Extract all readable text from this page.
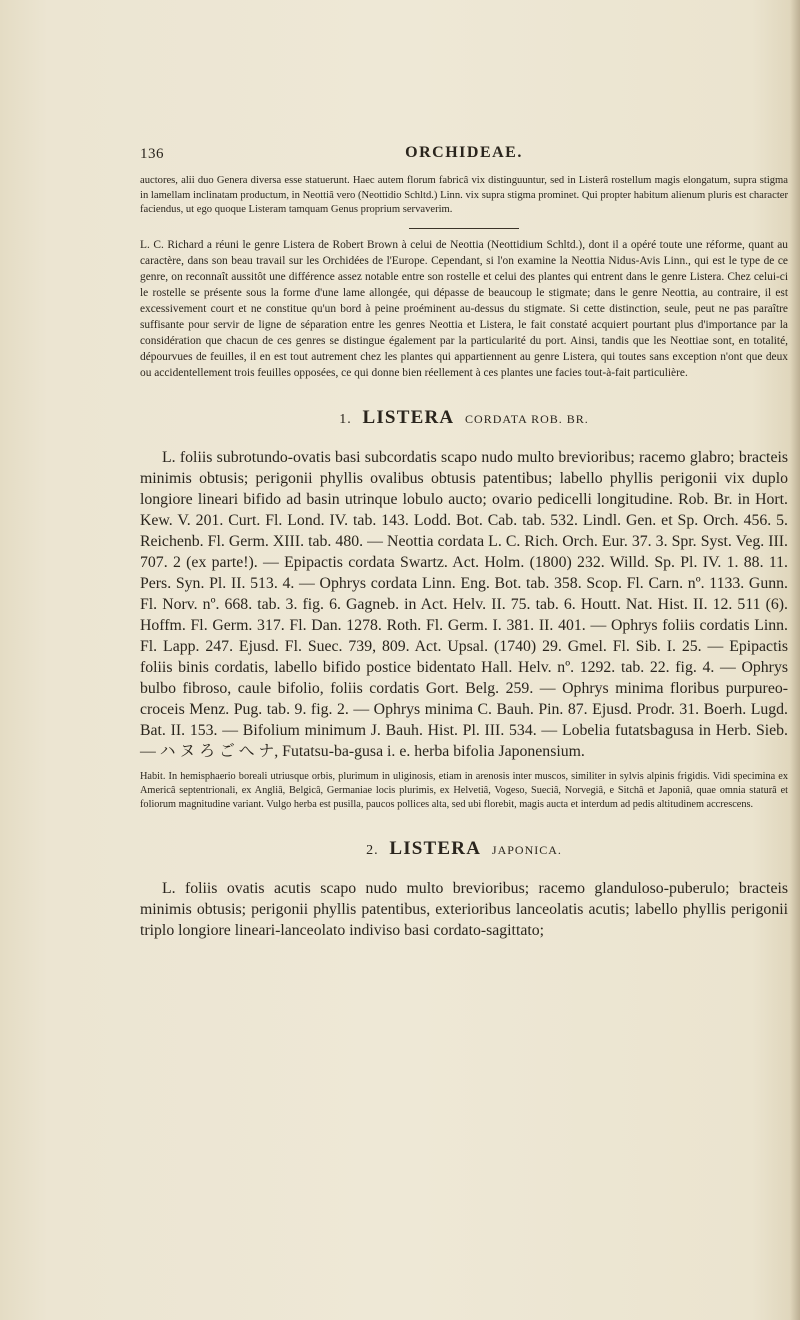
136	ORCHIDEAE.

auctores, alii duo Genera diversa esse statuerunt. Haec autem florum fabricâ vix distinguuntur, sed in Listerâ rostellum magis elongatum, supra stigma in lamellam inclinatam productum, in Neottiâ vero (Neottidio Schltd.) Linn. vix supra stigma prominet. Qui propter habitum alienum pluris est character faciendus, ut ego quoque Listeram tamquam Genus proprium servaverim.

L. C. Richard a réuni le genre Listera de Robert Brown à celui de Neottia (Neottidium Schltd.), dont il a opéré toute une réforme, quant au caractère, dans son beau travail sur les Orchidées de l'Europe. Cependant, si l'on examine la Neottia Nidus-Avis Linn., qui est le type de ce genre, on reconnaît aussitôt une différence assez notable entre son rostelle et celui des plantes qui entrent dans le genre Listera. Chez celui-ci le rostelle se présente sous la forme d'une lame allongée, qui dépasse de beaucoup le stigmate; dans le genre Neottia, au contraire, il est excessivement court et ne constitue qu'un bord à peine proéminent au-dessus du stigmate. Si cette distinction, seule, peut ne pas paraître suffisante pour servir de ligne de séparation entre les genres Neottia et Listera, le fait constaté acquiert pourtant plus d'importance par la considération que chacun de ces genres se distingue également par la particularité du port. Ainsi, tandis que les Neottiae sont, en totalité, dépourvues de feuilles, il en est tout autrement chez les plantes qui appartiennent au genre Listera, qui toutes sans exception n'ont que deux ou accidentellement trois feuilles opposées, ce qui donne bien réellement à ces plantes une facies tout-à-fait particulière.

1. LISTERA CORDATA ROB. BR.

L. foliis subrotundo-ovatis basi subcordatis scapo nudo multo brevioribus; racemo glabro; bracteis minimis obtusis; perigonii phyllis ovalibus obtusis patentibus; labello phyllis perigonii vix duplo longiore lineari bifido ad basin utrinque lobulo aucto; ovario pedicelli longitudine. Rob. Br. in Hort. Kew. V. 201. Curt. Fl. Lond. IV. tab. 143. Lodd. Bot. Cab. tab. 532. Lindl. Gen. et Sp. Orch. 456. 5. Reichenb. Fl. Germ. XIII. tab. 480. — Neottia cordata L. C. Rich. Orch. Eur. 37. 3. Spr. Syst. Veg. III. 707. 2 (ex parte!). — Epipactis cordata Swartz. Act. Holm. (1800) 232. Willd. Sp. Pl. IV. 1. 88. 11. Pers. Syn. Pl. II. 513. 4. — Ophrys cordata Linn. Eng. Bot. tab. 358. Scop. Fl. Carn. nº. 1133. Gunn. Fl. Norv. nº. 668. tab. 3. fig. 6. Gagneb. in Act. Helv. II. 75. tab. 6. Houtt. Nat. Hist. II. 12. 511 (6). Hoffm. Fl. Germ. 317. Fl. Dan. 1278. Roth. Fl. Germ. I. 381. II. 401. — Ophrys foliis cordatis Linn. Fl. Lapp. 247. Ejusd. Fl. Suec. 739, 809. Act. Upsal. (1740) 29. Gmel. Fl. Sib. I. 25. — Epipactis foliis binis cordatis, labello bifido postice bidentato Hall. Helv. nº. 1292. tab. 22. fig. 4. — Ophrys bulbo fibroso, caule bifolio, foliis cordatis Gort. Belg. 259. — Ophrys minima floribus purpureo-croceis Menz. Pug. tab. 9. fig. 2. — Ophrys minima C. Bauh. Pin. 87. Ejusd. Prodr. 31. Boerh. Lugd. Bat. II. 153. — Bifolium minimum J. Bauh. Hist. Pl. III. 534. — Lobelia futatsbagusa in Herb. Sieb. — ハ ヌ ろ ご へ ナ, Futatsu-ba-gusa i. e. herba bifolia Japonensium.

Habit. In hemisphaerio boreali utriusque orbis, plurimum in uliginosis, etiam in arenosis inter muscos, similiter in sylvis alpinis frigidis. Vidi specimina ex Americâ septentrionali, ex Angliâ, Belgicâ, Germaniae locis plurimis, ex Helvetiâ, Vogeso, Sueciâ, Norvegiâ, e Sitchâ et Japoniâ, quae omnia staturâ et foliorum magnitudine variant. Vulgo herba est pusilla, paucos pollices alta, sed ubi florebit, magis aucta et interdum ad pedis altitudinem accrescens.

2. LISTERA JAPONICA.

L. foliis ovatis acutis scapo nudo multo brevioribus; racemo glanduloso-puberulo; bracteis minimis obtusis; perigonii phyllis patentibus, exterioribus lanceolatis acutis; labello phyllis perigonii triplo longiore lineari-lanceolato indiviso basi cordato-sagittato;
